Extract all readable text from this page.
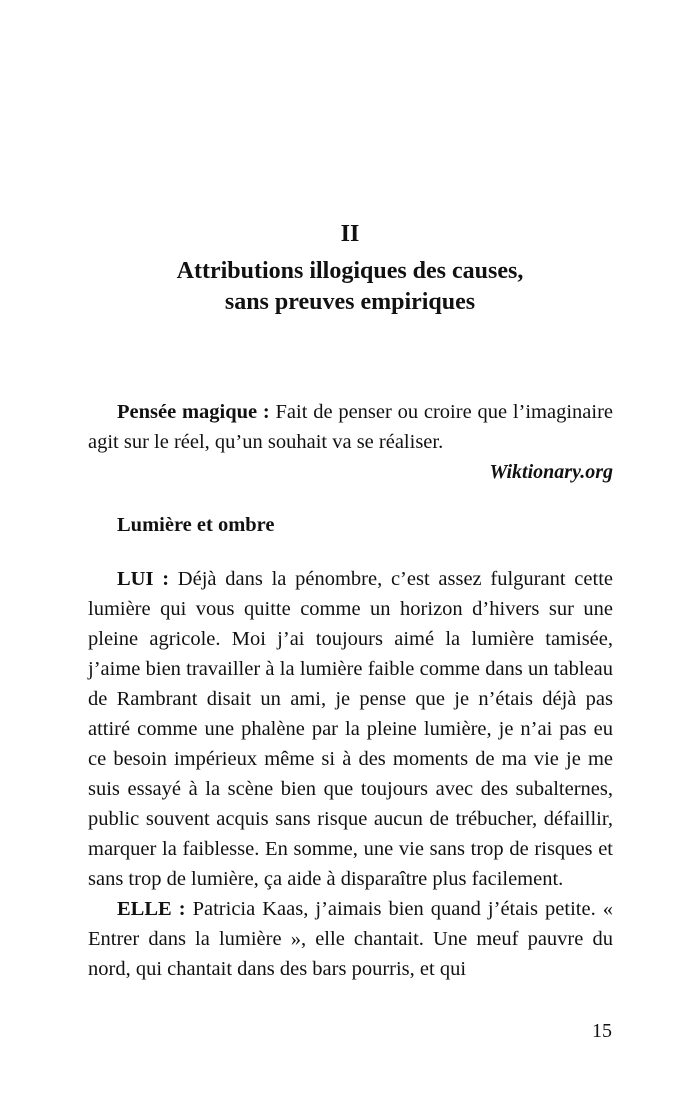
II
Attributions illogiques des causes,
sans preuves empiriques

Pensée magique : Fait de penser ou croire que l’imaginaire agit sur le réel, qu’un souhait va se réaliser.

Wiktionary.org
Lumière et ombre

LUI : Déjà dans la pénombre, c’est assez fulgurant cette lumière qui vous quitte comme un horizon d’hivers sur une pleine agricole. Moi j’ai toujours aimé la lumière tamisée, j’aime bien travailler à la lumière faible comme dans un tableau de Rambrant disait un ami, je pense que je n’étais déjà pas attiré comme une phalène par la pleine lumière, je n’ai pas eu ce besoin impérieux même si à des moments de ma vie je me suis essayé à la scène bien que toujours avec des subalternes, public souvent acquis sans risque aucun de trébucher, défaillir, marquer la faiblesse. En somme, une vie sans trop de risques et sans trop de lumière, ça aide à disparaître plus facilement.

ELLE : Patricia Kaas, j’aimais bien quand j’étais petite. « Entrer dans la lumière », elle chantait. Une meuf pauvre du nord, qui chantait dans des bars pourris, et qui

15
